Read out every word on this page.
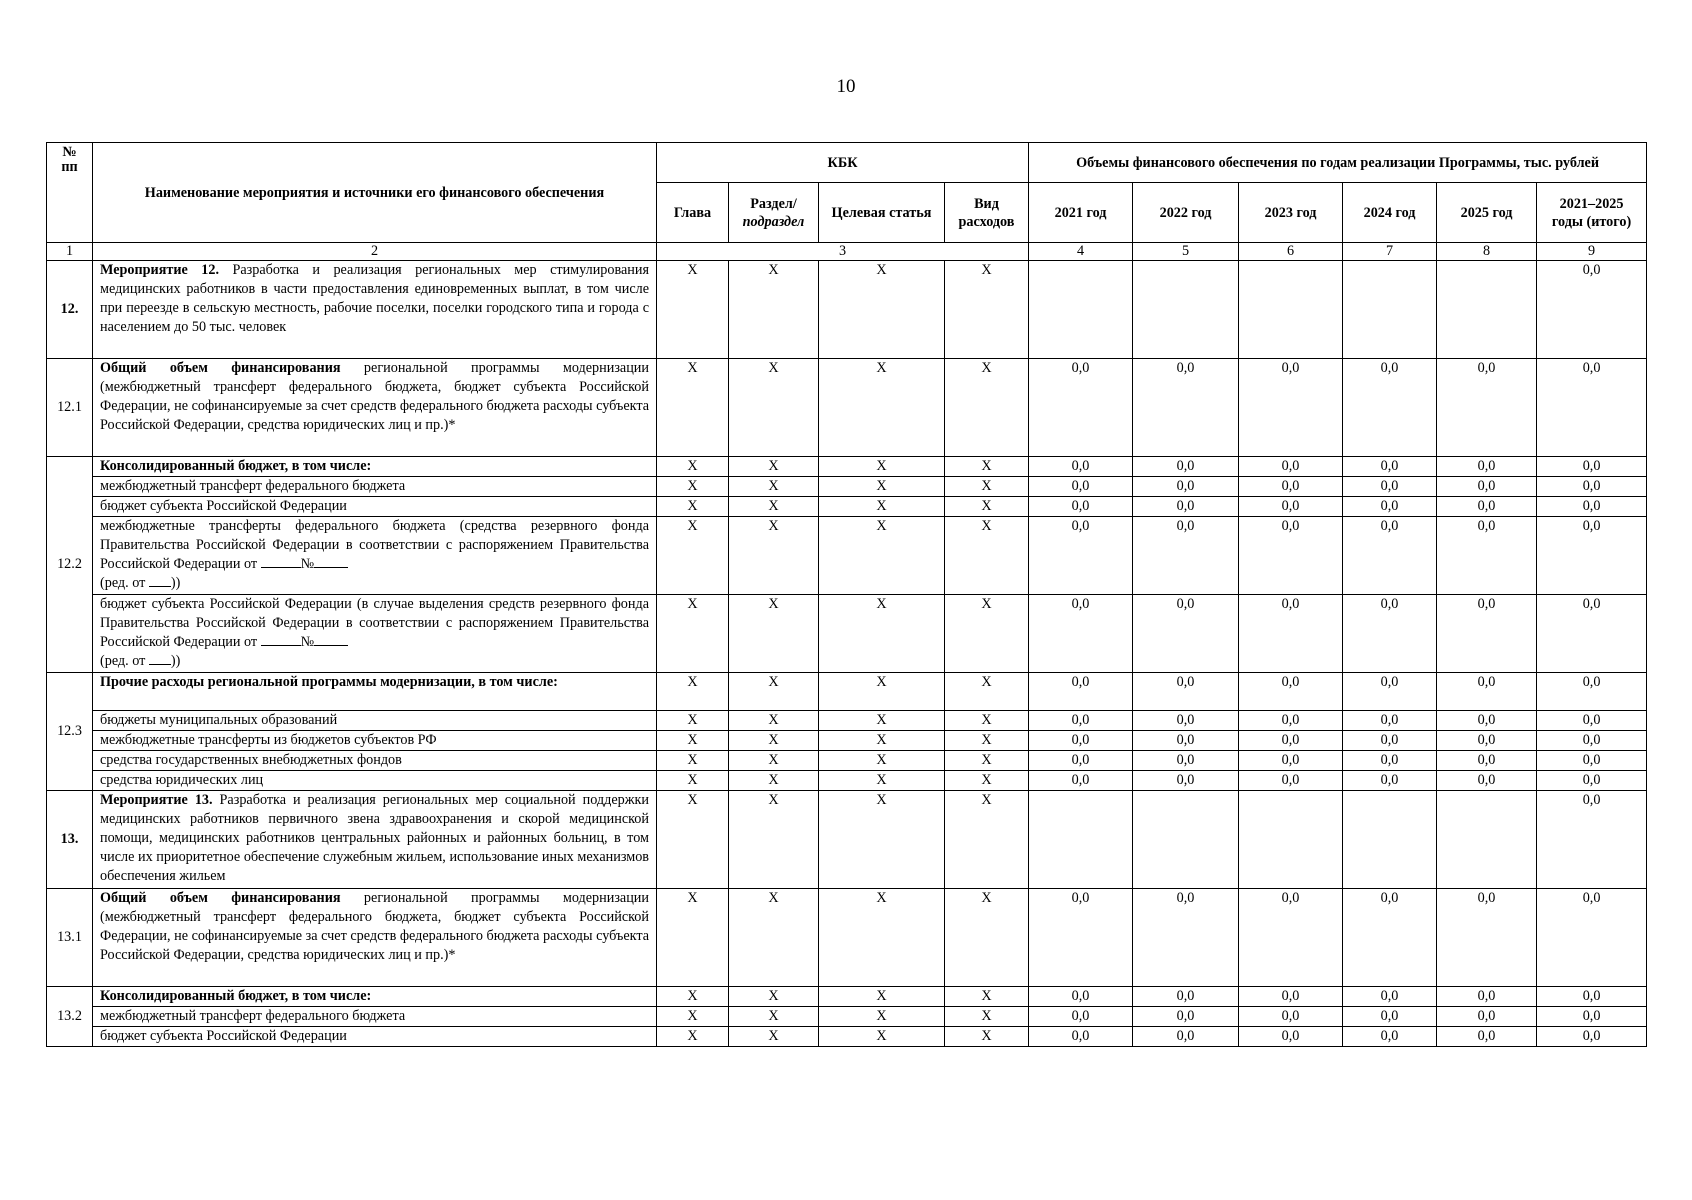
10
№ пп	Наименование мероприятия и источники его финансового обеспечения	КБК				Объемы финансового обеспечения по годам реализации Программы, тыс. рублей					
		Глава	Раздел/
подраздел	Целевая статья	Вид расходов	2021 год	2022 год	2023 год	2024 год	2025 год	2021–2025 годы (итого)
1	2	3				4	5	6	7	8	9
12.	Мероприятие 12. Разработка и реализация региональных мер стимулирования медицинских работников в части предоставления единовременных выплат, в том числе при переезде в сельскую местность, рабочие поселки, поселки городского типа и города с населением до 50 тыс. человек	X	X	X	X						0,0
12.1	Общий объем финансирования региональной программы модернизации (межбюджетный трансферт федерального бюджета, бюджет субъекта Российской Федерации, не софинансируемые за счет средств федерального бюджета расходы субъекта Российской Федерации, средства юридических лиц и пр.)*	X	X	X	X	0,0	0,0	0,0	0,0	0,0	0,0
12.2	Консолидированный бюджет, в том числе:	X	X	X	X	0,0	0,0	0,0	0,0	0,0	0,0
	межбюджетный трансферт федерального бюджета	X	X	X	X	0,0	0,0	0,0	0,0	0,0	0,0
	бюджет субъекта Российской Федерации	X	X	X	X	0,0	0,0	0,0	0,0	0,0	0,0
	межбюджетные трансферты федерального бюджета (средства резервного фонда Правительства Российской Федерации в соответствии с распоряжением Правительства Российской Федерации от №
(ред. от ))	X	X	X	X	0,0	0,0	0,0	0,0	0,0	0,0
	бюджет субъекта Российской Федерации (в случае выделения средств резервного фонда Правительства Российской Федерации в соответствии с распоряжением Правительства Российской Федерации от №
(ред. от ))	X	X	X	X	0,0	0,0	0,0	0,0	0,0	0,0
12.3	Прочие расходы региональной программы модернизации, в том числе:	X	X	X	X	0,0	0,0	0,0	0,0	0,0	0,0
	бюджеты муниципальных образований	X	X	X	X	0,0	0,0	0,0	0,0	0,0	0,0
	межбюджетные трансферты из бюджетов субъектов РФ	X	X	X	X	0,0	0,0	0,0	0,0	0,0	0,0
	средства государственных внебюджетных фондов	X	X	X	X	0,0	0,0	0,0	0,0	0,0	0,0
	средства юридических лиц	X	X	X	X	0,0	0,0	0,0	0,0	0,0	0,0
13.	Мероприятие 13. Разработка и реализация региональных мер социальной поддержки медицинских работников первичного звена здравоохранения и скорой медицинской помощи, медицинских работников центральных районных и районных больниц, в том числе их приоритетное обеспечение служебным жильем, использование иных механизмов обеспечения жильем	X	X	X	X						0,0
13.1	Общий объем финансирования региональной программы модернизации (межбюджетный трансферт федерального бюджета, бюджет субъекта Российской Федерации, не софинансируемые за счет средств федерального бюджета расходы субъекта Российской Федерации, средства юридических лиц и пр.)*	X	X	X	X	0,0	0,0	0,0	0,0	0,0	0,0
13.2	Консолидированный бюджет, в том числе:	X	X	X	X	0,0	0,0	0,0	0,0	0,0	0,0
	межбюджетный трансферт федерального бюджета	X	X	X	X	0,0	0,0	0,0	0,0	0,0	0,0
	бюджет субъекта Российской Федерации	X	X	X	X	0,0	0,0	0,0	0,0	0,0	0,0
